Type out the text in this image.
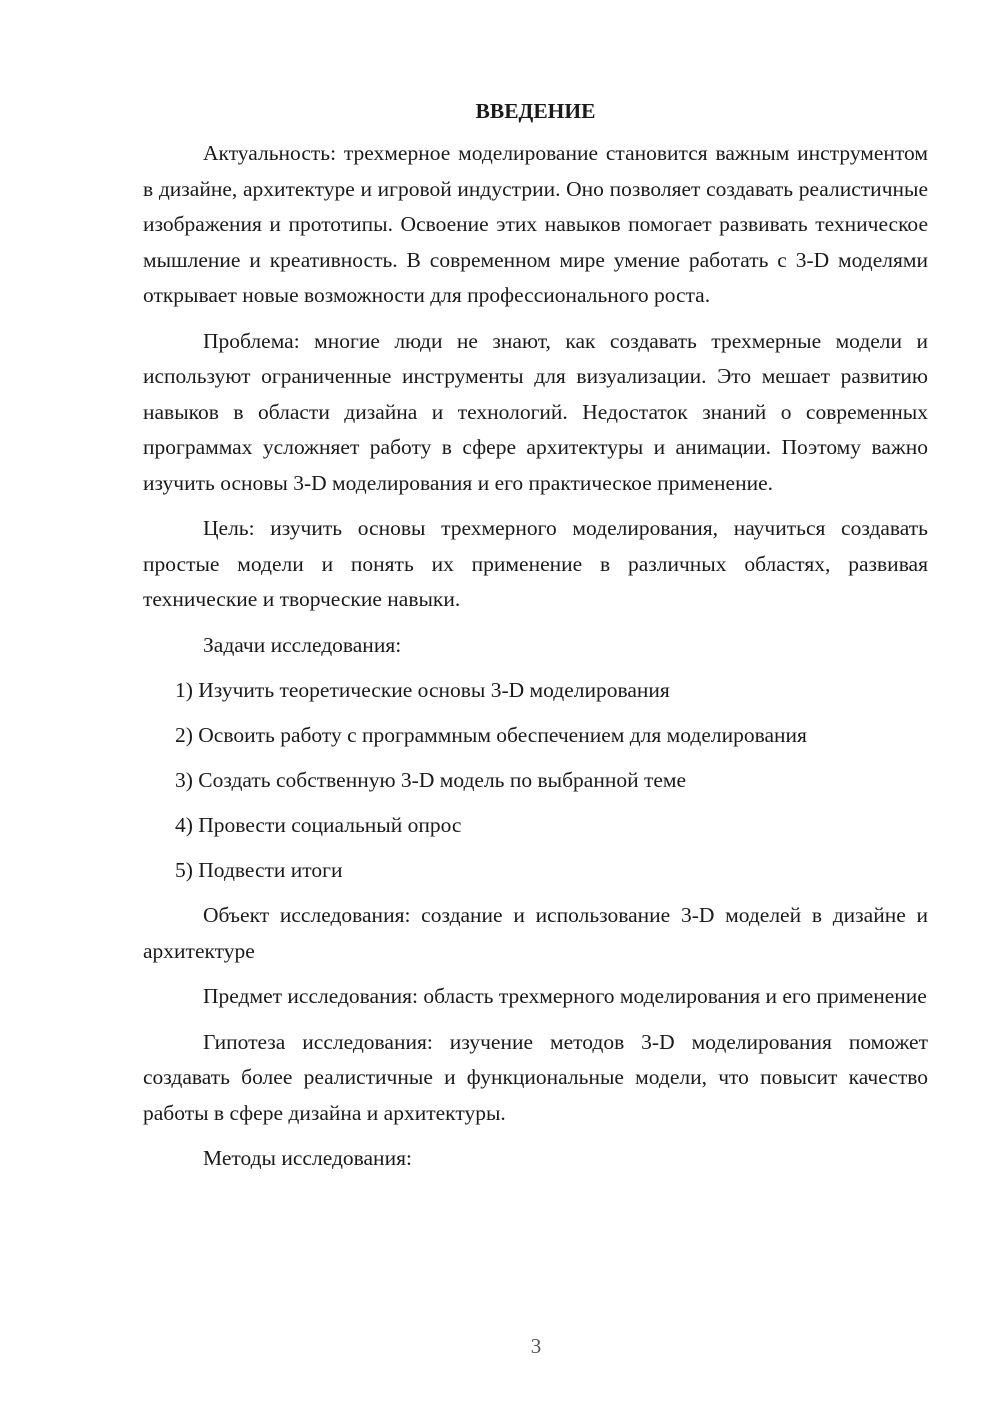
ВВЕДЕНИЕ

Актуальность: трехмерное моделирование становится важным инструментом в дизайне, архитектуре и игровой индустрии. Оно позволяет создавать реалистичные изображения и прототипы. Освоение этих навыков помогает развивать техническое мышление и креативность. В современном мире умение работать с 3-D моделями открывает новые возможности для профессионального роста.

Проблема: многие люди не знают, как создавать трехмерные модели и используют ограниченные инструменты для визуализации. Это мешает развитию навыков в области дизайна и технологий. Недостаток знаний о современных программах усложняет работу в сфере архитектуры и анимации. Поэтому важно изучить основы 3-D моделирования и его практическое применение.

Цель: изучить основы трехмерного моделирования, научиться создавать простые модели и понять их применение в различных областях, развивая технические и творческие навыки.

Задачи исследования:

1) Изучить теоретические основы 3-D моделирования
2) Освоить работу с программным обеспечением для моделирования
3) Создать собственную 3-D модель по выбранной теме
4) Провести социальный опрос
5) Подвести итоги

Объект исследования: создание и использование 3-D моделей в дизайне и архитектуре

Предмет исследования: область трехмерного моделирования и его применение

Гипотеза исследования: изучение методов 3-D моделирования поможет создавать более реалистичные и функциональные модели, что повысит качество работы в сфере дизайна и архитектуры.

Методы исследования:

3
